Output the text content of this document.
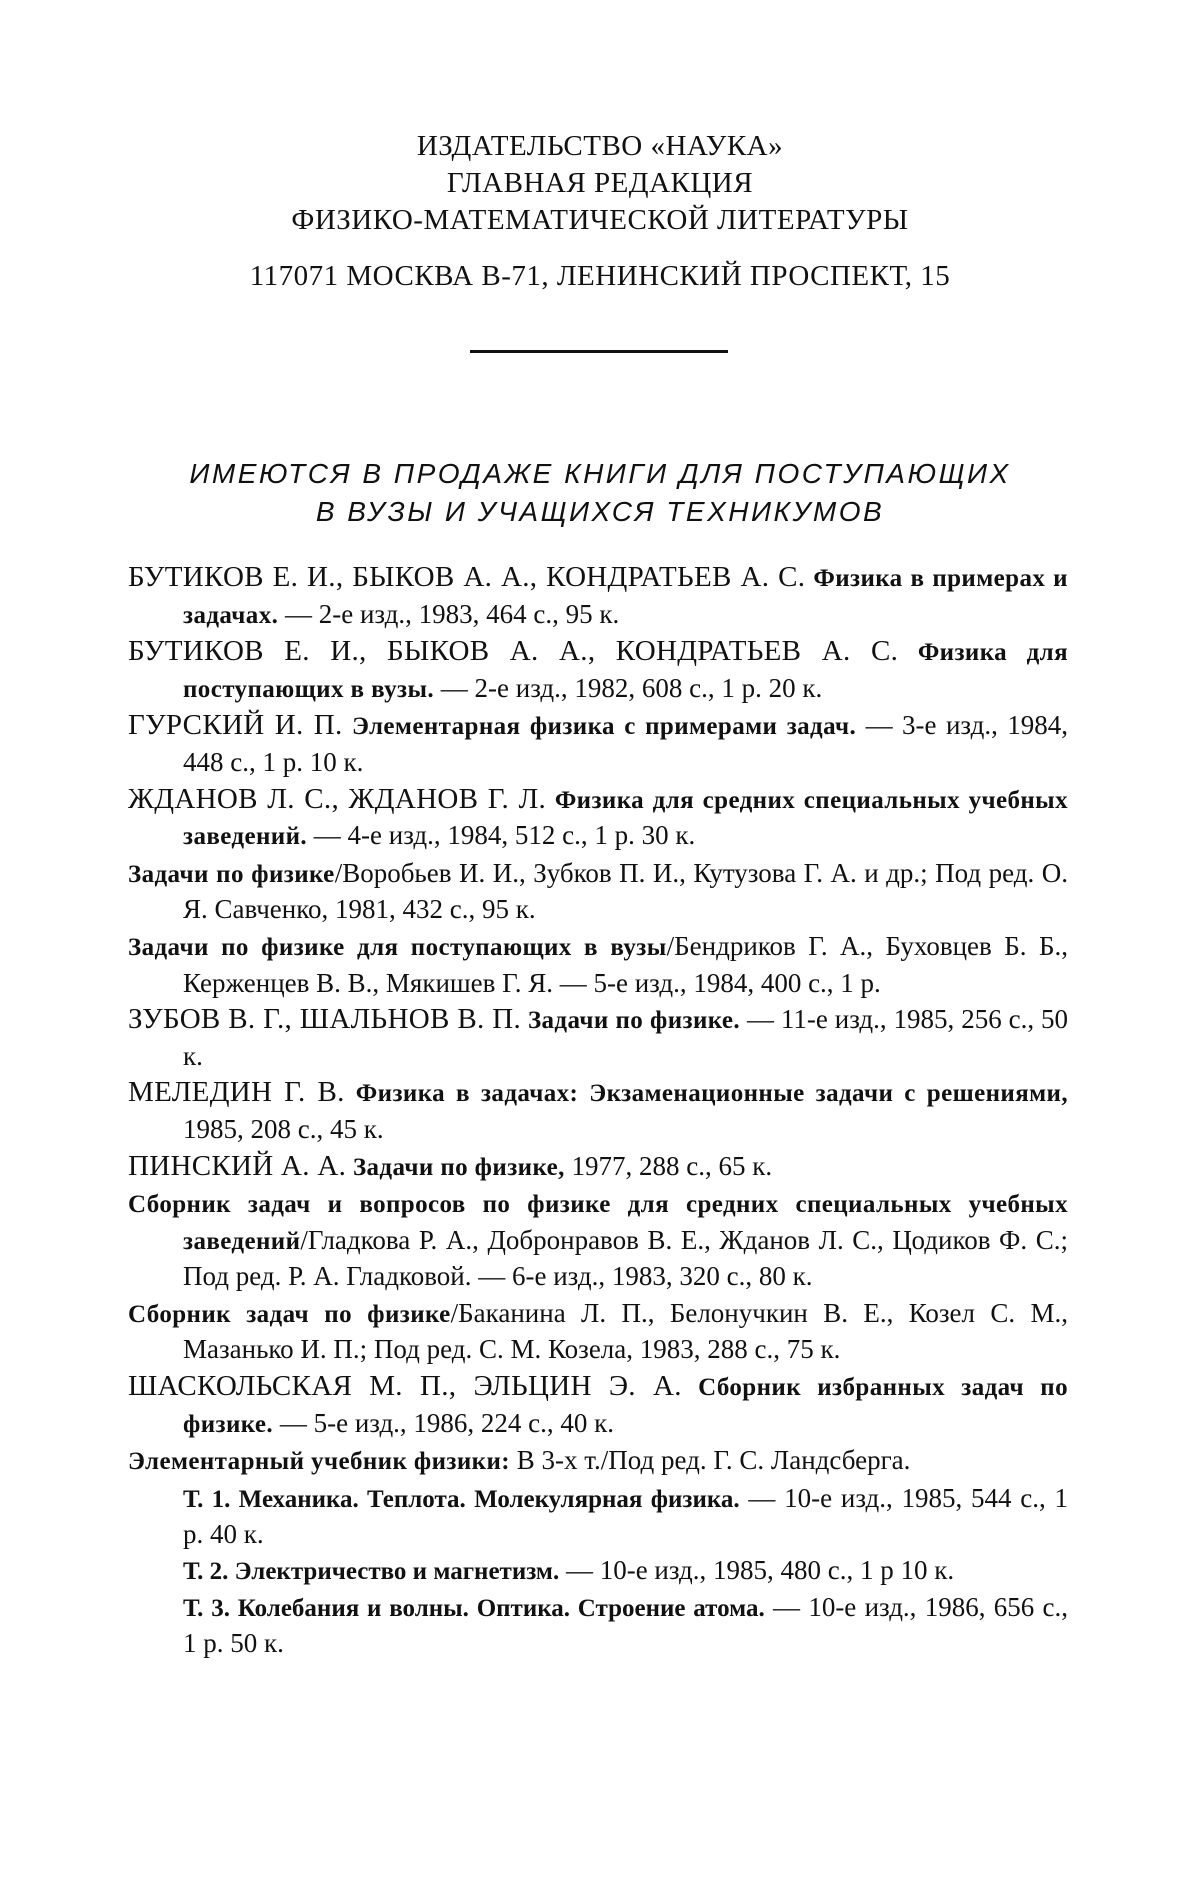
ИЗДАТЕЛЬСТВО «НАУКА»
ГЛАВНАЯ РЕДАКЦИЯ
ФИЗИКО-МАТЕМАТИЧЕСКОЙ ЛИТЕРАТУРЫ
117071 МОСКВА В-71, ЛЕНИНСКИЙ ПРОСПЕКТ, 15
ИМЕЮТСЯ В ПРОДАЖЕ КНИГИ ДЛЯ ПОСТУПАЮЩИХ
В ВУЗЫ И УЧАЩИХСЯ ТЕХНИКУМОВ
БУТИКОВ Е. И., БЫКОВ А. А., КОНДРАТЬЕВ А. С. Физика в примерах и задачах. — 2-е изд., 1983, 464 с., 95 к.
БУТИКОВ Е. И., БЫКОВ А. А., КОНДРАТЬЕВ А. С. Физика для поступающих в вузы. — 2-е изд., 1982, 608 с., 1 р. 20 к.
ГУРСКИЙ И. П. Элементарная физика с примерами задач. — 3-е изд., 1984, 448 с., 1 р. 10 к.
ЖДАНОВ Л. С., ЖДАНОВ Г. Л. Физика для средних специальных учебных заведений. — 4-е изд., 1984, 512 с., 1 р. 30 к.
Задачи по физике/Воробьев И. И., Зубков П. И., Кутузова Г. А. и др.; Под ред. О. Я. Савченко, 1981, 432 с., 95 к.
Задачи по физике для поступающих в вузы/Бендриков Г. А., Буховцев Б. Б., Керженцев В. В., Мякишев Г. Я. — 5-е изд., 1984, 400 с., 1 р.
ЗУБОВ В. Г., ШАЛЬНОВ В. П. Задачи по физике. — 11-е изд., 1985, 256 с., 50 к.
МЕЛЕДИН Г. В. Физика в задачах: Экзаменационные задачи с решениями, 1985, 208 с., 45 к.
ПИНСКИЙ А. А. Задачи по физике, 1977, 288 с., 65 к.
Сборник задач и вопросов по физике для средних специальных учебных заведений/Гладкова Р. А., Добронравов В. Е., Жданов Л. С., Цодиков Ф. С.; Под ред. Р. А. Гладковой. — 6-е изд., 1983, 320 с., 80 к.
Сборник задач по физике/Баканина Л. П., Белонучкин В. Е., Козел С. М., Мазанько И. П.; Под ред. С. М. Козела, 1983, 288 с., 75 к.
ШАСКОЛЬСКАЯ М. П., ЭЛЬЦИН Э. А. Сборник избранных задач по физике. — 5-е изд., 1986, 224 с., 40 к.
Элементарный учебник физики: В 3-х т./Под ред. Г. С. Ландсберга.
Т. 1. Механика. Теплота. Молекулярная физика. — 10-е изд., 1985, 544 с., 1 р. 40 к.
Т. 2. Электричество и магнетизм. — 10-е изд., 1985, 480 с., 1 р 10 к.
Т. 3. Колебания и волны. Оптика. Строение атома. — 10-е изд., 1986, 656 с., 1 р. 50 к.
